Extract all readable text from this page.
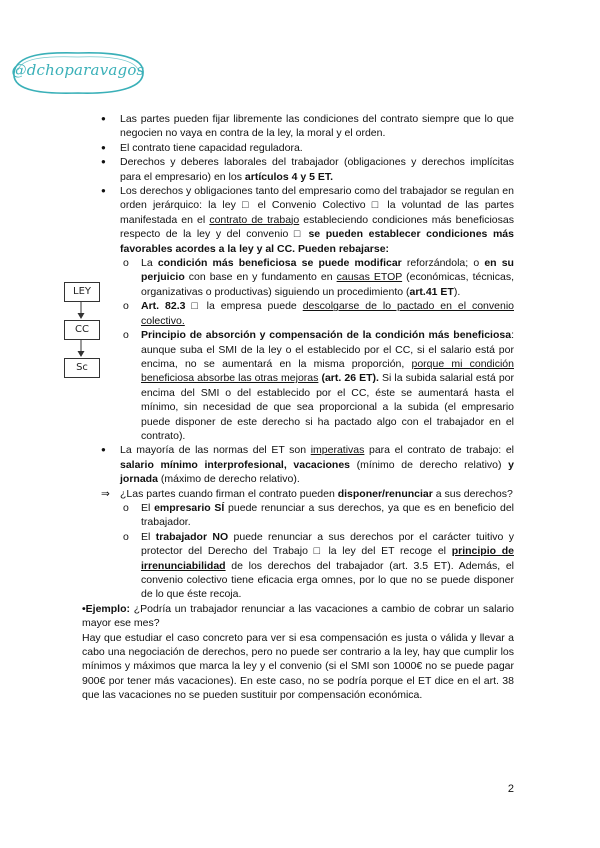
@dchoparavagos
LEY
CC
Sc
● Las partes pueden fijar libremente las condiciones del contrato siempre que lo que negocien no vaya en contra de la ley, la moral y el orden.
● El contrato tiene capacidad reguladora.
● Derechos y deberes laborales del trabajador (obligaciones y derechos implícitas para el empresario) en los artículos 4 y 5 ET.
● Los derechos y obligaciones tanto del empresario como del trabajador se regulan en orden jerárquico: la ley □ el Convenio Colectivo □ la voluntad de las partes manifestada en el contrato de trabajo estableciendo condiciones más beneficiosas respecto de la ley y del convenio □ se pueden establecer condiciones más favorables acordes a la ley y al CC. Pueden rebajarse:
o La condición más beneficiosa se puede modificar reforzándola; o en su perjuicio con base en y fundamento en causas ETOP (económicas, técnicas, organizativas o productivas) siguiendo un procedimiento (art.41 ET).
o Art. 82.3 □ la empresa puede descolgarse de lo pactado en el convenio colectivo.
o Principio de absorción y compensación de la condición más beneficiosa: aunque suba el SMI de la ley o el establecido por el CC, si el salario está por encima, no se aumentará en la misma proporción, porque mi condición beneficiosa absorbe las otras mejoras (art. 26 ET). Si la subida salarial está por encima del SMI o del establecido por el CC, éste se aumentará hasta el mínimo, sin necesidad de que sea proporcional a la subida (el empresario puede disponer de este derecho si ha pactado algo con el trabajador en el contrato).
● La mayoría de las normas del ET son imperativas para el contrato de trabajo: el salario mínimo interprofesional, vacaciones (mínimo de derecho relativo) y jornada (máximo de derecho relativo).
⇒ ¿Las partes cuando firman el contrato pueden disponer/renunciar a sus derechos?
o El empresario SÍ puede renunciar a sus derechos, ya que es en beneficio del trabajador.
o El trabajador NO puede renunciar a sus derechos por el carácter tuitivo y protector del Derecho del Trabajo □ la ley del ET recoge el principio de irrenunciabilidad de los derechos del trabajador (art. 3.5 ET). Además, el convenio colectivo tiene eficacia erga omnes, por lo que no se puede disponer de lo que éste recoja.
•Ejemplo: ¿Podría un trabajador renunciar a las vacaciones a cambio de cobrar un salario mayor ese mes?
Hay que estudiar el caso concreto para ver si esa compensación es justa o válida y llevar a cabo una negociación de derechos, pero no puede ser contrario a la ley, hay que cumplir los mínimos y máximos que marca la ley y el convenio (si el SMI son 1000€ no se puede pagar 900€ por tener más vacaciones). En este caso, no se podría porque el ET dice en el art. 38 que las vacaciones no se pueden sustituir por compensación económica.
2
